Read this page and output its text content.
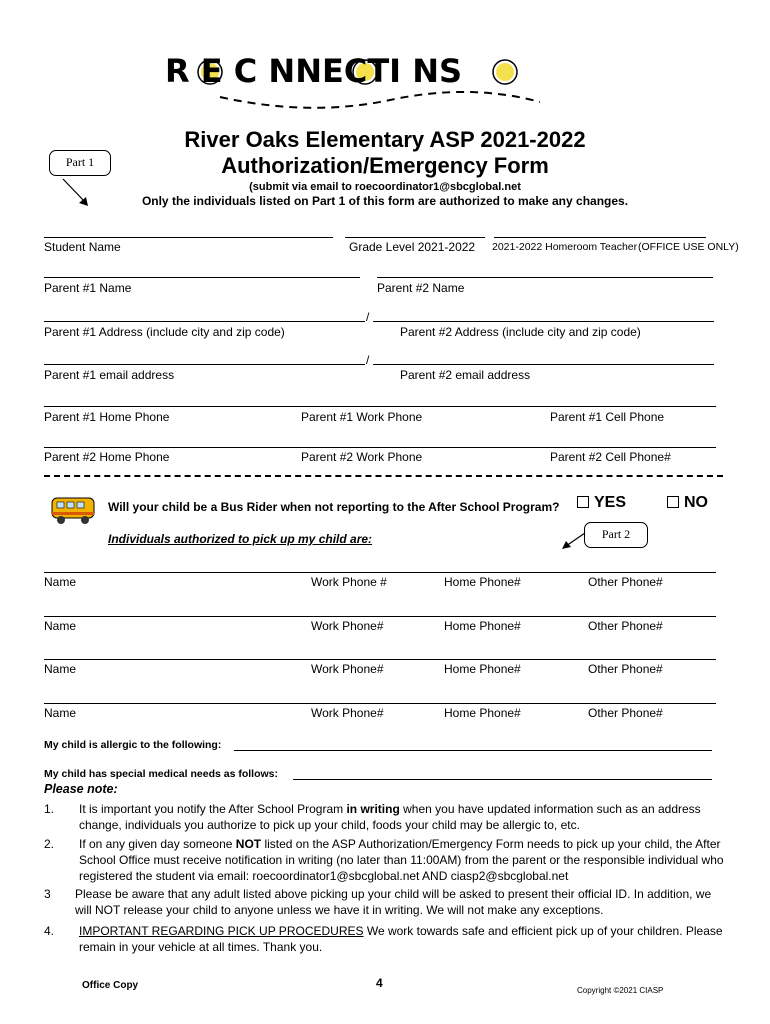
R E C NNECTI NS
River Oaks Elementary ASP 2021-2022
Authorization/Emergency Form
(submit via email to roecoordinator1@sbcglobal.net
Only the individuals listed on Part 1 of this form are authorized to make any changes.
Part 1
Student Name	Grade Level 2021-2022 2021-2022 Homeroom Teacher (OFFICE USE ONLY)
Parent #1 Name	Parent #2 Name
/
Parent #1 Address (include city and zip code)	Parent #2 Address (include city and zip code)
/
Parent #1 email address	Parent #2 email address
Parent #1 Home Phone	Parent #1 Work Phone	Parent #1 Cell Phone
Parent #2 Home Phone	Parent #2 Work Phone	Parent #2 Cell Phone#
Will your child be a Bus Rider when not reporting to the After School Program?	YES	NO
Part 2
Individuals authorized to pick up my child are:
Name	Work Phone #	Home Phone#	Other Phone#
Name	Work Phone#	Home Phone#	Other Phone#
Name	Work Phone#	Home Phone#	Other Phone#
Name	Work Phone#	Home Phone#	Other Phone#
My child is allergic to the following:
My child has special medical needs as follows:
Please note:
1. It is important you notify the After School Program in writing when you have updated information such as an address change, individuals you authorize to pick up your child, foods your child may be allergic to, etc.
2. If on any given day someone NOT listed on the ASP Authorization/Emergency Form needs to pick up your child, the After School Office must receive notification in writing (no later than 11:00AM) from the parent or the responsible individual who registered the student via email: roecoordinator1@sbcglobal.net AND ciasp2@sbcglobal.net
3 Please be aware that any adult listed above picking up your child will be asked to present their official ID. In addition, we will NOT release your child to anyone unless we have it in writing. We will not make any exceptions.
4. IMPORTANT REGARDING PICK UP PROCEDURES We work towards safe and efficient pick up of your children. Please remain in your vehicle at all times. Thank you.
Office Copy	4
Copyright ©2021 CIASP
